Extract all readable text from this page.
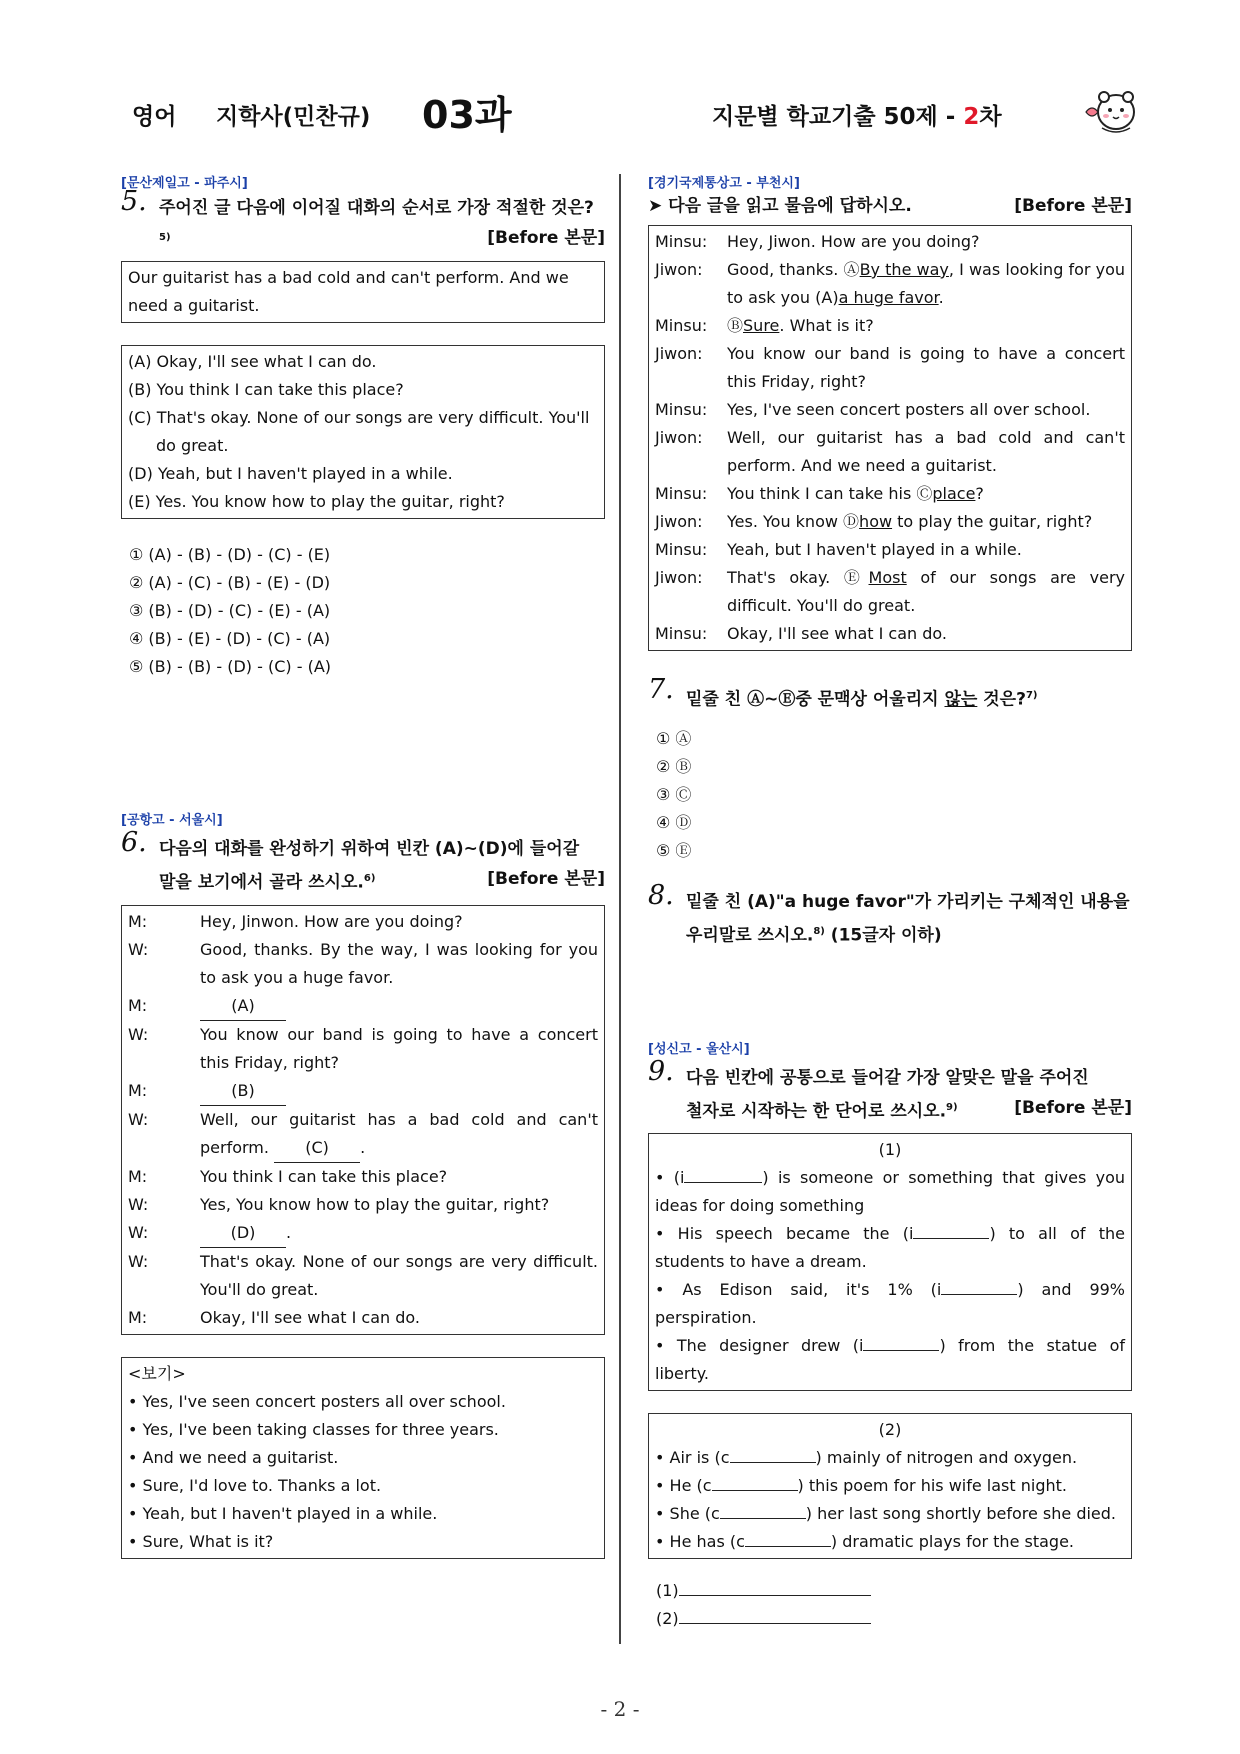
영어 지학사(민찬규) 03과	지문별 학교기출 50제 - 2차
[문산제일고 - 파주시]
5. 주어진 글 다음에 이어질 대화의 순서로 가장 적절한 것은?$^{5)}$	[Before 본문]
Our guitarist has a bad cold and can't perform. And we need a guitarist.
(A) Okay, I'll see what I can do.
(B) You think I can take this place?
(C) That's okay. None of our songs are very difficult. You'll
do great.
(D) Yeah, but I haven't played in a while.
(E) Yes. You know how to play the guitar, right?
① (A) - (B) - (D) - (C) - (E)
② (A) - (C) - (B) - (E) - (D)
③ (B) - (D) - (C) - (E) - (A)
④ (B) - (E) - (D) - (C) - (A)
⑤ (B) - (B) - (D) - (C) - (A)
[공항고 - 서울시]
6. 다음의 대화를 완성하기 위하여 빈칸 (A)~(D)에 들어갈
말을 보기에서 골라 쓰시오.$^{6)}$	[Before 본문]
M:	Hey, Jinwon. How are you doing?
W:	Good, thanks. By the way, I was looking for you to ask you a huge favor.
M:	(A)
W:	You know our band is going to have a concert this Friday, right?
M:	(B)
W:	Well, our guitarist has a bad cold and can't perform. (C) .
M:	You think I can take this place?
W:	Yes, You know how to play the guitar, right?
W:	(D) .
W:	That's okay. None of our songs are very difficult. You'll do great.
M:	Okay, I'll see what I can do.
<보기>
• Yes, I've seen concert posters all over school.
• Yes, I've been taking classes for three years.
• And we need a guitarist.
• Sure, I'd love to. Thanks a lot.
• Yeah, but I haven't played in a while.
• Sure, What is it?
[경기국제통상고 - 부천시]
➤ 다음 글을 읽고 물음에 답하시오.	[Before 본문]
Minsu:	Hey, Jiwon. How are you doing?
Jiwon:	Good, thanks. ⒶBy the way, I was looking for you to ask you (A)a huge favor.
Minsu:	ⒷSure. What is it?
Jiwon:	You know our band is going to have a concert this Friday, right?
Minsu:	Yes, I've seen concert posters all over school.
Jiwon:	Well, our guitarist has a bad cold and can't perform. And we need a guitarist.
Minsu:	You think I can take his Ⓒplace?
Jiwon:	Yes. You know Ⓓhow to play the guitar, right?
Minsu:	Yeah, but I haven't played in a while.
Jiwon:	That's okay. ⒺMost of our songs are very difficult. You'll do great.
Minsu:	Okay, I'll see what I can do.
7. 밑줄 친 Ⓐ~Ⓔ중 문맥상 어울리지 않는 것은?$^{7)}$
① Ⓐ
② Ⓑ
③ Ⓒ
④ Ⓓ
⑤ Ⓔ
8. 밑줄 친 (A)"a huge favor"가 가리키는 구체적인 내용을
우리말로 쓰시오.$^{8)}$ (15글자 이하)
[성신고 - 울산시]
9. 다음 빈칸에 공통으로 들어갈 가장 알맞은 말을 주어진
철자로 시작하는 한 단어로 쓰시오.$^{9)}$	[Before 본문]
(1)
• (i	) is someone or something that gives you ideas for doing something
• His speech became the (i	) to all of the students to have a dream.
• As Edison said, it's 1% (i	) and 99% perspiration.
• The designer drew (i	) from the statue of liberty.
(2)
• Air is (c	) mainly of nitrogen and oxygen.
• He (c	) this poem for his wife last night.
• She (c	) her last song shortly before she died.
• He has (c	) dramatic plays for the stage.
(1)
(2)
- 2 -
